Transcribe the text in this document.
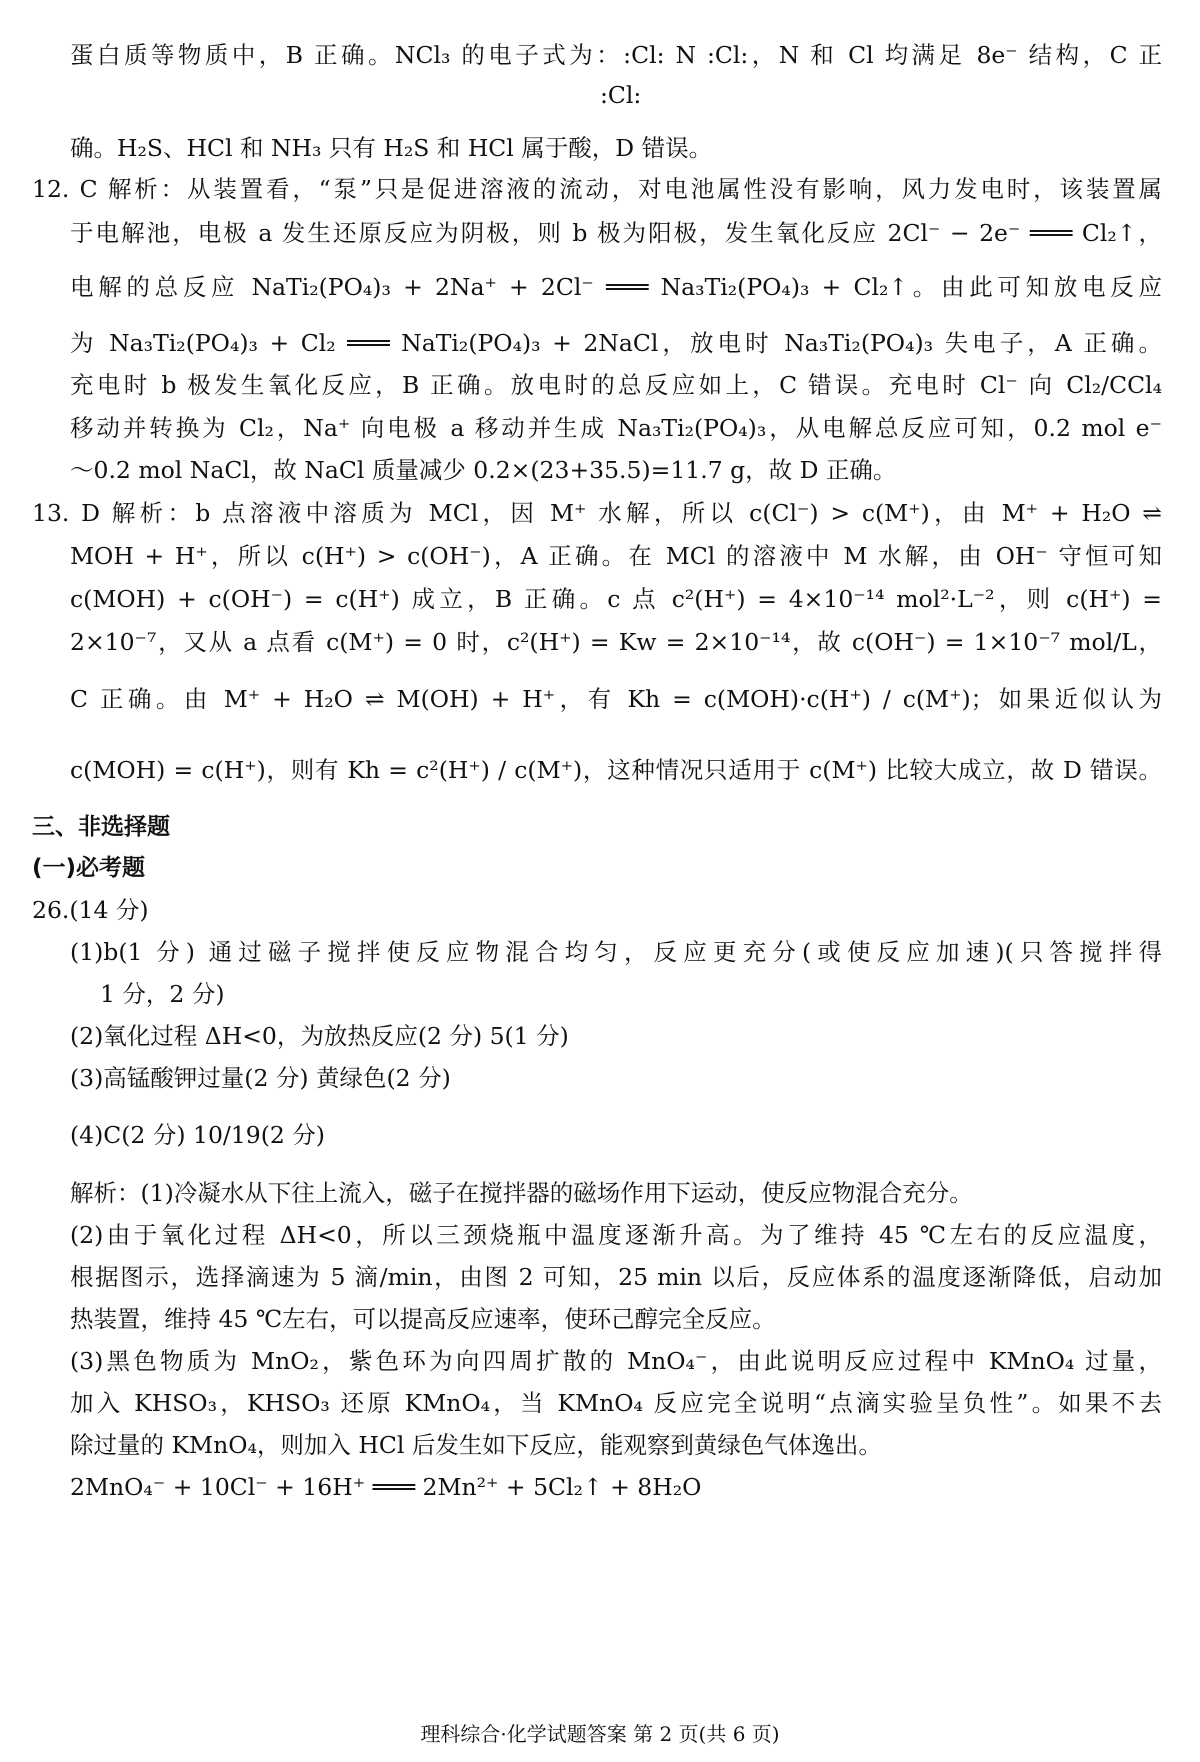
蛋白质等物质中，B 正确。NCl₃ 的电子式为：:Cl: N :Cl:，N 和 Cl 均满足 8e⁻ 结构，C 正
:Cl:
确。H₂S、HCl 和 NH₃ 只有 H₂S 和 HCl 属于酸，D 错误。
12. C 解析：从装置看，“泵”只是促进溶液的流动，对电池属性没有影响，风力发电时，该装置属
于电解池，电极 a 发生还原反应为阴极，则 b 极为阳极，发生氧化反应 2Cl⁻ − 2e⁻ ═══ Cl₂↑，
电解的总反应 NaTi₂(PO₄)₃ + 2Na⁺ + 2Cl⁻ ═══ Na₃Ti₂(PO₄)₃ + Cl₂↑。由此可知放电反应
为 Na₃Ti₂(PO₄)₃ + Cl₂ ═══ NaTi₂(PO₄)₃ + 2NaCl，放电时 Na₃Ti₂(PO₄)₃ 失电子，A 正确。
充电时 b 极发生氧化反应，B 正确。放电时的总反应如上，C 错误。充电时 Cl⁻ 向 Cl₂/CCl₄
移动并转换为 Cl₂，Na⁺ 向电极 a 移动并生成 Na₃Ti₂(PO₄)₃，从电解总反应可知，0.2 mol e⁻
～0.2 mol NaCl，故 NaCl 质量减少 0.2×(23+35.5)=11.7 g，故 D 正确。
13. D 解析：b 点溶液中溶质为 MCl，因 M⁺ 水解，所以 c(Cl⁻) > c(M⁺)，由 M⁺ + H₂O ⇌
MOH + H⁺，所以 c(H⁺) > c(OH⁻)，A 正确。在 MCl 的溶液中 M 水解，由 OH⁻ 守恒可知
c(MOH) + c(OH⁻) = c(H⁺) 成立，B 正确。c 点 c²(H⁺) = 4×10⁻¹⁴ mol²·L⁻²，则 c(H⁺) =
2×10⁻⁷，又从 a 点看 c(M⁺) = 0 时，c²(H⁺) = Kw = 2×10⁻¹⁴，故 c(OH⁻) = 1×10⁻⁷ mol/L，
C 正确。由 M⁺ + H₂O ⇌ M(OH) + H⁺，有 Kh = c(MOH)·c(H⁺) / c(M⁺)；如果近似认为
c(MOH) = c(H⁺)，则有 Kh = c²(H⁺) / c(M⁺)，这种情况只适用于 c(M⁺) 比较大成立，故 D 错误。
三、非选择题
(一)必考题
26.(14 分)
(1)b(1 分) 通过磁子搅拌使反应物混合均匀，反应更充分(或使反应加速)(只答搅拌得
1 分，2 分)
(2)氧化过程 ΔH<0，为放热反应(2 分) 5(1 分)
(3)高锰酸钾过量(2 分) 黄绿色(2 分)
(4)C(2 分) 10/19(2 分)
解析：(1)冷凝水从下往上流入，磁子在搅拌器的磁场作用下运动，使反应物混合充分。
(2)由于氧化过程 ΔH<0，所以三颈烧瓶中温度逐渐升高。为了维持 45 ℃左右的反应温度，
根据图示，选择滴速为 5 滴/min，由图 2 可知，25 min 以后，反应体系的温度逐渐降低，启动加
热装置，维持 45 ℃左右，可以提高反应速率，使环己醇完全反应。
(3)黑色物质为 MnO₂，紫色环为向四周扩散的 MnO₄⁻，由此说明反应过程中 KMnO₄ 过量，
加入 KHSO₃，KHSO₃ 还原 KMnO₄，当 KMnO₄ 反应完全说明“点滴实验呈负性”。如果不去
除过量的 KMnO₄，则加入 HCl 后发生如下反应，能观察到黄绿色气体逸出。
2MnO₄⁻ + 10Cl⁻ + 16H⁺ ═══ 2Mn²⁺ + 5Cl₂↑ + 8H₂O
理科综合·化学试题答案 第 2 页(共 6 页)
